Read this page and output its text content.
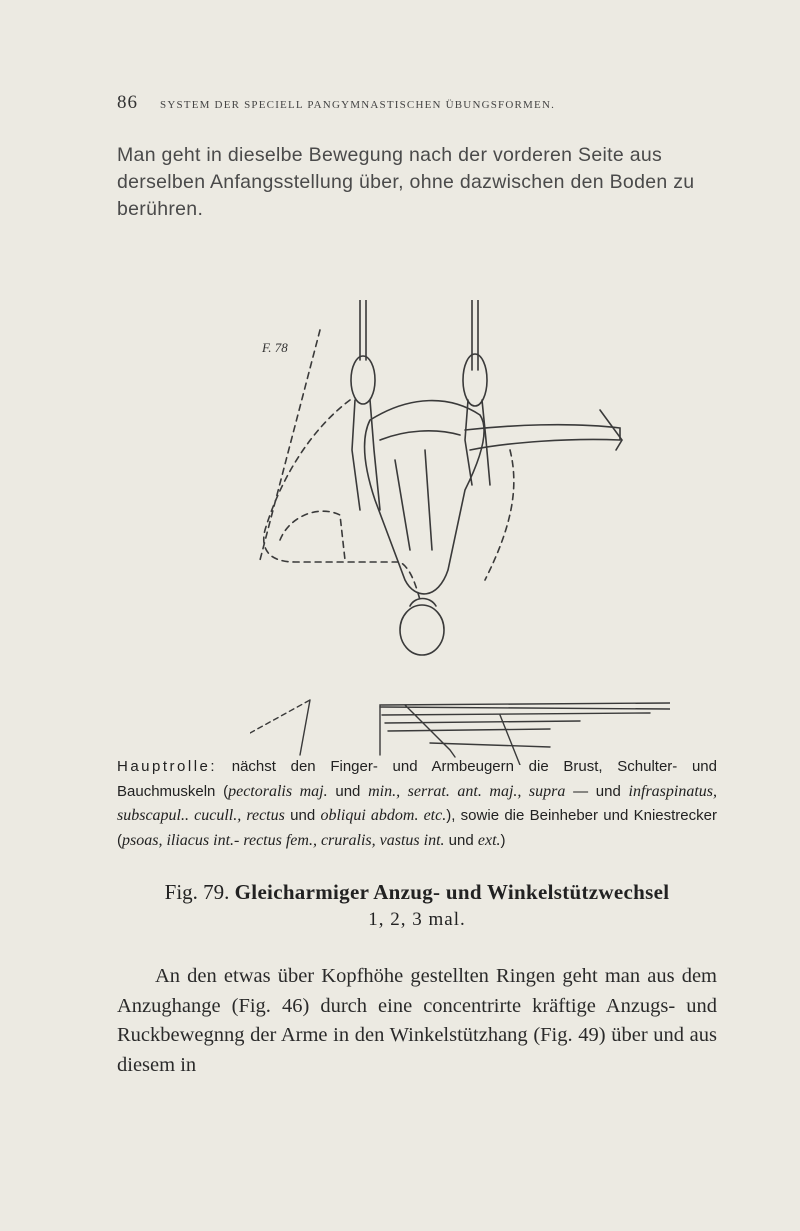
86 SYSTEM DER SPECIELL PANGYMNASTISCHEN ÜBUNGSFORMEN.

Man geht in dieselbe Bewegung nach der vorderen Seite aus derselben Anfangsstellung über, ohne dazwischen den Boden zu berühren.

F. 78

Hauptrolle: nächst den Finger- und Armbeugern die Brust, Schulter- und Bauchmuskeln (pectoralis maj. und min., serrat. ant. maj., supra — und infraspinatus, subscapul.. cucull., rectus und obliqui abdom. etc.), sowie die Beinheber und Kniestrecker (psoas, iliacus int.- rectus fem., cruralis, vastus int. und ext.)

Fig. 79. Gleicharmiger Anzug- und Winkelstützwechsel
1, 2, 3 mal.

An den etwas über Kopfhöhe gestellten Ringen geht man aus dem Anzughange (Fig. 46) durch eine concentrirte kräftige Anzugs- und Ruckbewegnng der Arme in den Winkelstützhang (Fig. 49) über und aus diesem in
